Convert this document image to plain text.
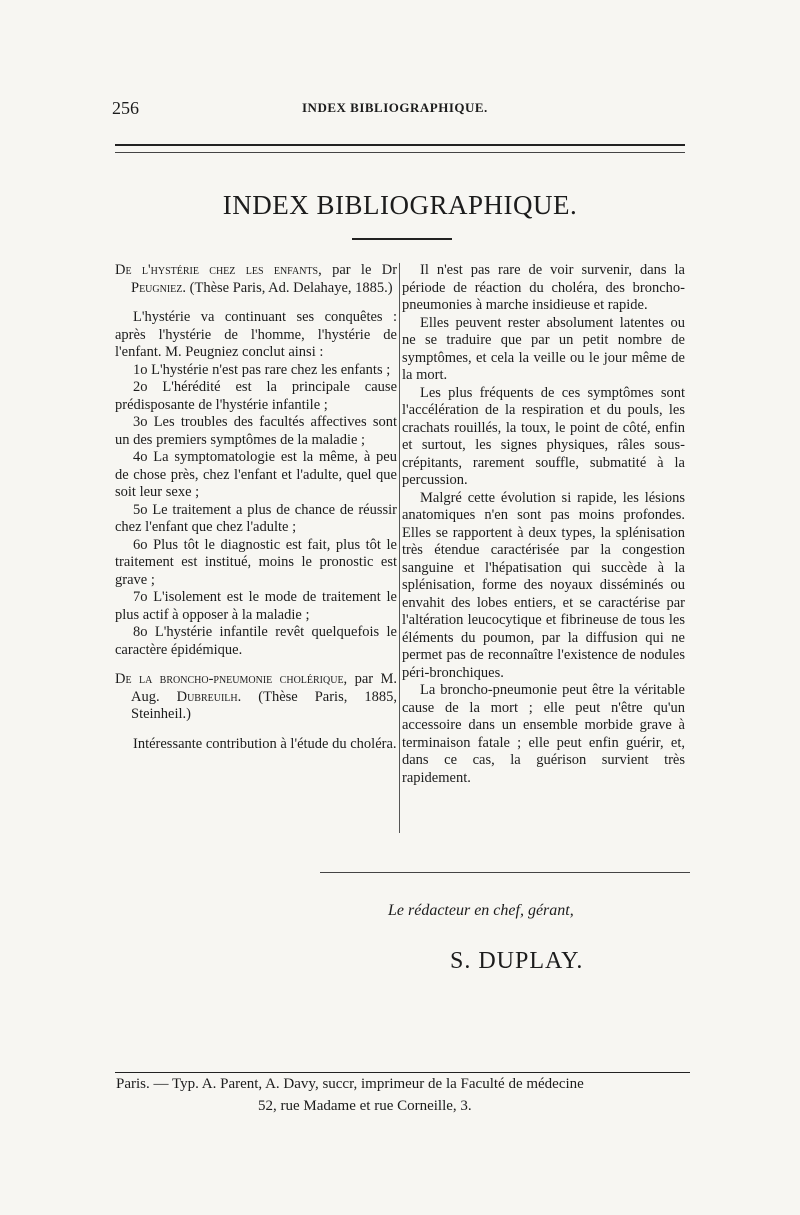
256	INDEX BIBLIOGRAPHIQUE.
INDEX BIBLIOGRAPHIQUE.

De l'hystérie chez les enfants, par le Dr Peugniez. (Thèse Paris, Ad. Delahaye, 1885.)

L'hystérie va continuant ses conquêtes : après l'hystérie de l'homme, l'hystérie de l'enfant. M. Peugniez conclut ainsi :

1o L'hystérie n'est pas rare chez les enfants ;

2o L'hérédité est la principale cause prédisposante de l'hystérie infantile ;

3o Les troubles des facultés affectives sont un des premiers symptômes de la maladie ;

4o La symptomatologie est la même, à peu de chose près, chez l'enfant et l'adulte, quel que soit leur sexe ;

5o Le traitement a plus de chance de réussir chez l'enfant que chez l'adulte ;

6o Plus tôt le diagnostic est fait, plus tôt le traitement est institué, moins le pronostic est grave ;

7o L'isolement est le mode de traitement le plus actif à opposer à la maladie ;

8o L'hystérie infantile revêt quelquefois le caractère épidémique.

De la broncho-pneumonie cholérique, par M. Aug. Dubreuilh. (Thèse Paris, 1885, Steinheil.)

Intéressante contribution à l'étude du choléra.

Il n'est pas rare de voir survenir, dans la période de réaction du choléra, des broncho-pneumonies à marche insidieuse et rapide.

Elles peuvent rester absolument latentes ou ne se traduire que par un petit nombre de symptômes, et cela la veille ou le jour même de la mort.

Les plus fréquents de ces symptômes sont l'accélération de la respiration et du pouls, les crachats rouillés, la toux, le point de côté, enfin et surtout, les signes physiques, râles sous-crépitants, rarement souffle, submatité à la percussion.

Malgré cette évolution si rapide, les lésions anatomiques n'en sont pas moins profondes. Elles se rapportent à deux types, la splénisation très étendue caractérisée par la congestion sanguine et l'hépatisation qui succède à la splénisation, forme des noyaux disséminés ou envahit des lobes entiers, et se caractérise par l'altération leucocytique et fibrineuse de tous les éléments du poumon, par la diffusion qui ne permet pas de reconnaître l'existence de nodules péri-bronchiques.

La broncho-pneumonie peut être la véritable cause de la mort ; elle peut n'être qu'un accessoire dans un ensemble morbide grave à terminaison fatale ; elle peut enfin guérir, et, dans ce cas, la guérison survient très rapidement.

Le rédacteur en chef, gérant,
S. DUPLAY.
Paris. — Typ. A. Parent, A. Davy, succr, imprimeur de la Faculté de médecine
52, rue Madame et rue Corneille, 3.
